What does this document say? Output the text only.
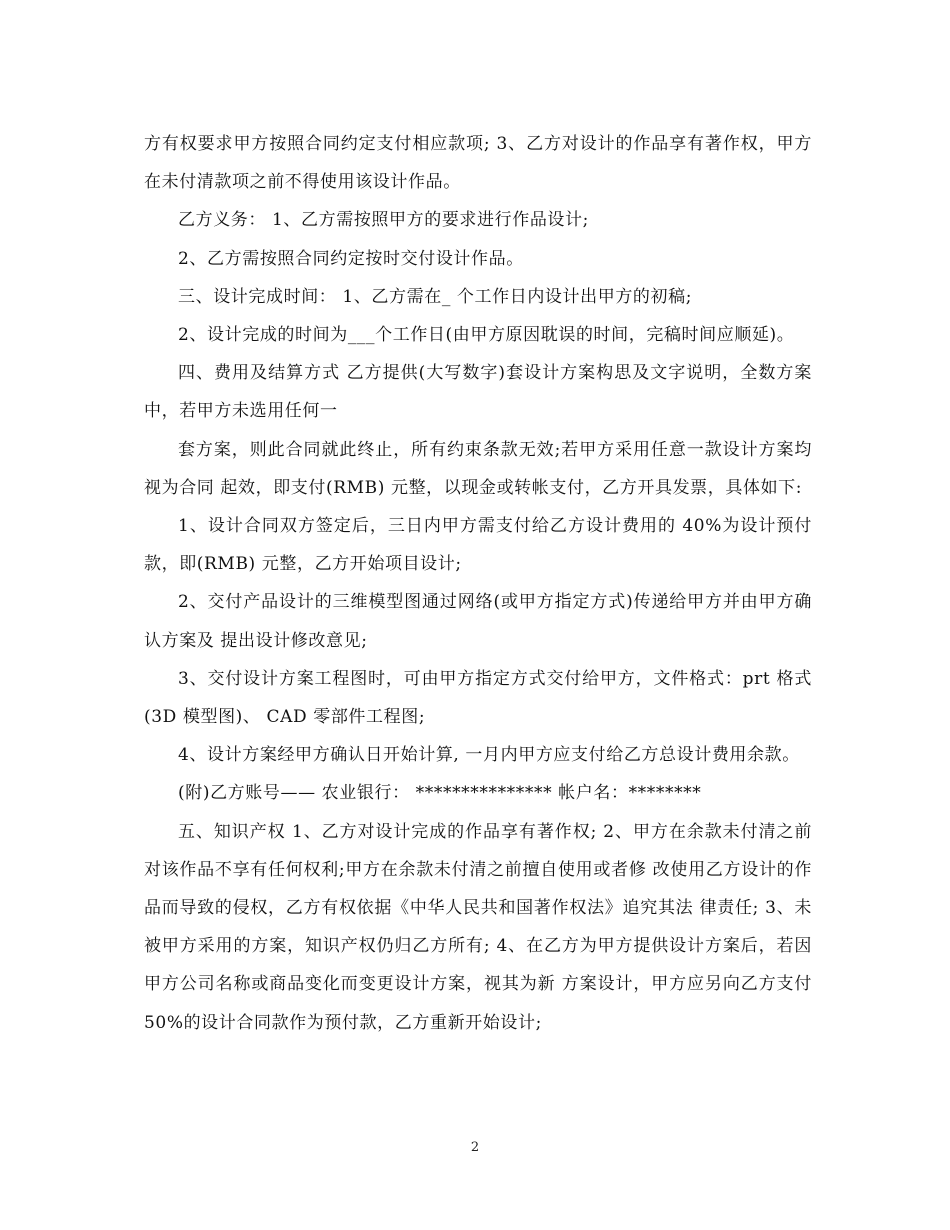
方有权要求甲方按照合同约定支付相应款项; 3、乙方对设计的作品享有著作权，甲方在未付清款项之前不得使用该设计作品。

乙方义务： 1、乙方需按照甲方的要求进行作品设计;

2、乙方需按照合同约定按时交付设计作品。

三、设计完成时间： 1、乙方需在_ 个工作日内设计出甲方的初稿;

2、设计完成的时间为___个工作日(由甲方原因耽误的时间，完稿时间应顺延)。

四、费用及结算方式 乙方提供(大写数字)套设计方案构思及文字说明，全数方案中，若甲方未选用任何一

套方案，则此合同就此终止，所有约束条款无效;若甲方采用任意一款设计方案均视为合同 起效，即支付(RMB) 元整，以现金或转帐支付，乙方开具发票，具体如下:

1、设计合同双方签定后，三日内甲方需支付给乙方设计费用的 40%为设计预付款，即(RMB) 元整，乙方开始项目设计;

2、交付产品设计的三维模型图通过网络(或甲方指定方式)传递给甲方并由甲方确认方案及 提出设计修改意见;

3、交付设计方案工程图时，可由甲方指定方式交付给甲方，文件格式：prt 格式(3D 模型图)、 CAD 零部件工程图;

4、设计方案经甲方确认日开始计算, 一月内甲方应支付给乙方总设计费用余款。

(附)乙方账号—— 农业银行： *************** 帐户名：********

五、知识产权 1、乙方对设计完成的作品享有著作权; 2、甲方在余款未付清之前对该作品不享有任何权利;甲方在余款未付清之前擅自使用或者修 改使用乙方设计的作品而导致的侵权，乙方有权依据《中华人民共和国著作权法》追究其法 律责任; 3、未被甲方采用的方案，知识产权仍归乙方所有; 4、在乙方为甲方提供设计方案后，若因甲方公司名称或商品变化而变更设计方案，视其为新 方案设计，甲方应另向乙方支付 50%的设计合同款作为预付款，乙方重新开始设计;

2
